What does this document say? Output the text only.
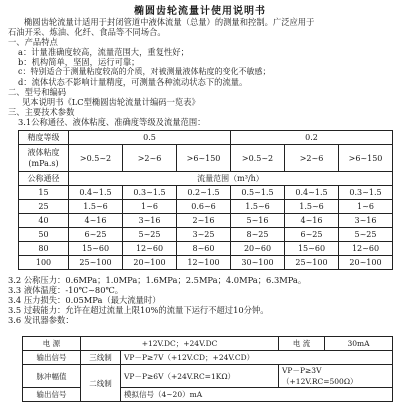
椭圆齿轮流量计使用说明书
椭圆齿轮流量计适用于封闭管道中液体流量（总量）的测量和控制。广泛应用于
石油开采、炼油、化纤、食品等不同场合。
一、产品特点
a：计量准确度较高，流量范围大，重复性好；
b：机构简单，坚固，运行可靠；
c：特别适合于测量粘度较高的介质，对被测量液体粘度的变化不敏感；
d：流体状态不影响计量精度，可测量各种流动状态下的流量。
二、型号和编码
见本说明书《LC型椭圆齿轮流量计编码一览表》
三、主要技术参数
3.1公称通径、液体粘度、准确度等级及流量范围：
精度等级	0.5			0.2		

液体粘度
(mPa.s)	>0.5~2	>2~6	>6~150	>0.5~2	>2~6	>6~150
公称通径	流量范围（m³/h）					
15	0.4~1.5	0.3~1.5	0.2~1.5	0.5~1.5	0.4~1.5	0.3~1.5
25	1.5~6	1~6	0.6~6	1.5~6	1.5~6	1~6
40	4~16	3~16	2~16	5~16	4~16	3~16
50	6~25	5~25	3~25	8~25	6~25	5~25
80	15~60	12~60	8~60	20~60	15~60	12~60
100	25~100	20~100	12~100	30~100	25~100	20~100
3.2 公称压力：0.6MPa；1.0MPa；1.6MPa；2.5MPa；4.0MPa；6.3MPa。
3.3 液体温度：-10℃~80℃。
3.4 压力损失：0.05MPa（最大流量时）
3.5 过载能力：允许在超过流量上限10%的流量下运行不超过10分钟。
3.6 发讯器参数：
电 源	+12V.DC；+24V.DC		电 流	30mA
输出信号	三线制	VP－P≥7V（+12V.CD；+24V.CD）		
脉冲幅值	二线制	VP－P≥6V（+24V.RC=1KΩ）	VP－P≥3V（+12V.RC=500Ω）	
输出信号		模拟信号（4~20）mA		
